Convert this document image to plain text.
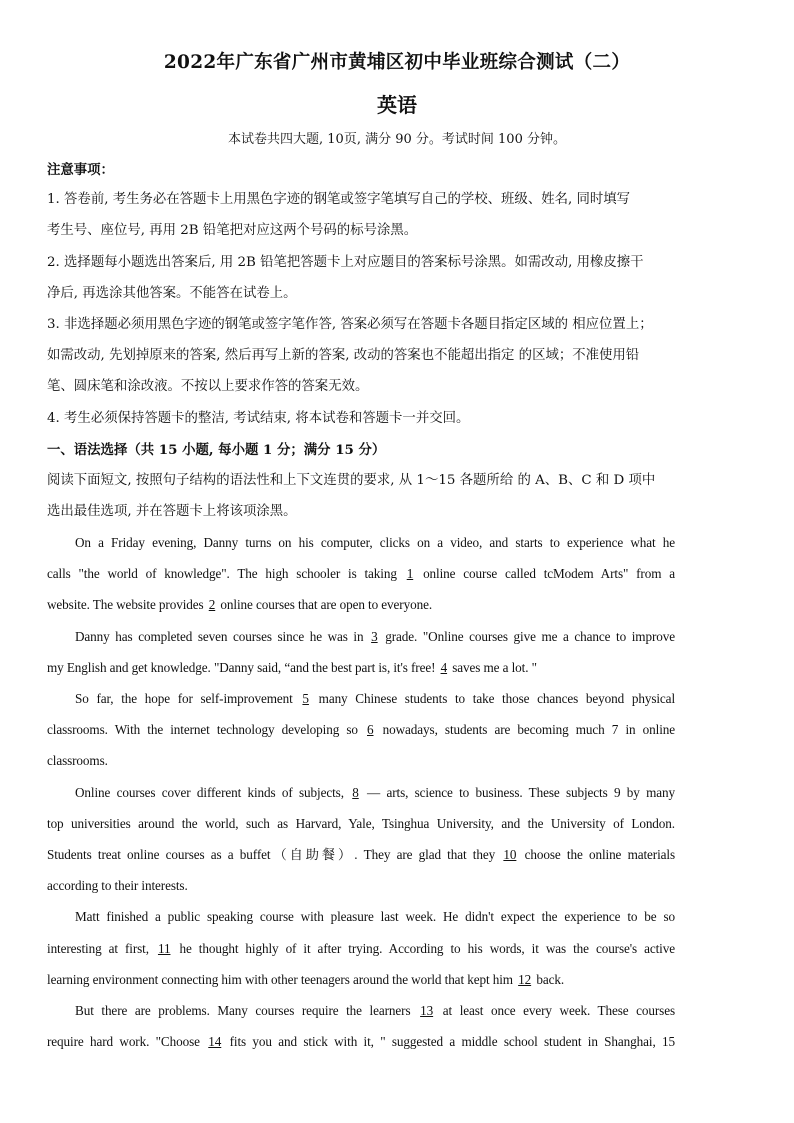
2022年广东省广州市黄埔区初中毕业班综合测试（二）
英语
本试卷共四大题, 10页, 满分 90 分。考试时间 100 分钟。
注意事项：
1. 答卷前, 考生务必在答题卡上用黑色字迹的钢笔或签字笔填写自己的学校、班级、姓名, 同时填写
考生号、座位号, 再用 2B 铅笔把对应这两个号码的标号涂黑。
2. 选择题每小题选出答案后, 用 2B 铅笔把答题卡上对应题目的答案标号涂黑。如需改动, 用橡皮擦干
净后, 再选涂其他答案。不能答在试卷上。
3. 非选择题必须用黑色字迹的钢笔或签字笔作答, 答案必须写在答题卡各题目指定区域的 相应位置上；
如需改动, 先划掉原来的答案, 然后再写上新的答案, 改动的答案也不能超出指定 的区域；不准使用铅
笔、圆床笔和涂改液。不按以上要求作答的答案无效。
4. 考生必须保持答题卡的整洁, 考试结束, 将本试卷和答题卡一并交回。
一、语法选择（共 15 小题, 每小题 1 分；满分 15 分）
阅读下面短文, 按照句子结构的语法性和上下文连贯的要求, 从 1～15 各题所给 的 A、B、C 和 D 项中
选出最佳选项, 并在答题卡上将该项涂黑。
On a Friday evening, Danny turns on his computer, clicks on a video, and starts to experience what he
calls "the world of knowledge". The high schooler is taking 1 online course called tcModem Arts" from a
website. The website provides 2 online courses that are open to everyone.
Danny has completed seven courses since he was in 3 grade. "Online courses give me a chance to improve
my English and get knowledge. "Danny said, “and the best part is, it's free! 4 saves me a lot. "
So far, the hope for self-improvement 5 many Chinese students to take those chances beyond physical
classrooms. With the internet technology developing so 6 nowadays, students are becoming much 7 in online
classrooms.
Online courses cover different kinds of subjects, 8 — arts, science to business. These subjects 9 by many
top universities around the world, such as Harvard, Yale, Tsinghua University, and the University of London.
Students treat online courses as a buffet（自助餐）. They are glad that they 10 choose the online materials
according to their interests.
Matt finished a public speaking course with pleasure last week. He didn't expect the experience to be so
interesting at first, 11 he thought highly of it after trying. According to his words, it was the course's active
learning environment connecting him with other teenagers around the world that kept him 12 back.
But there are problems. Many courses require the learners 13 at least once every week. These courses
require hard work. "Choose 14 fits you and stick with it, " suggested a middle school student in Shanghai, 15
